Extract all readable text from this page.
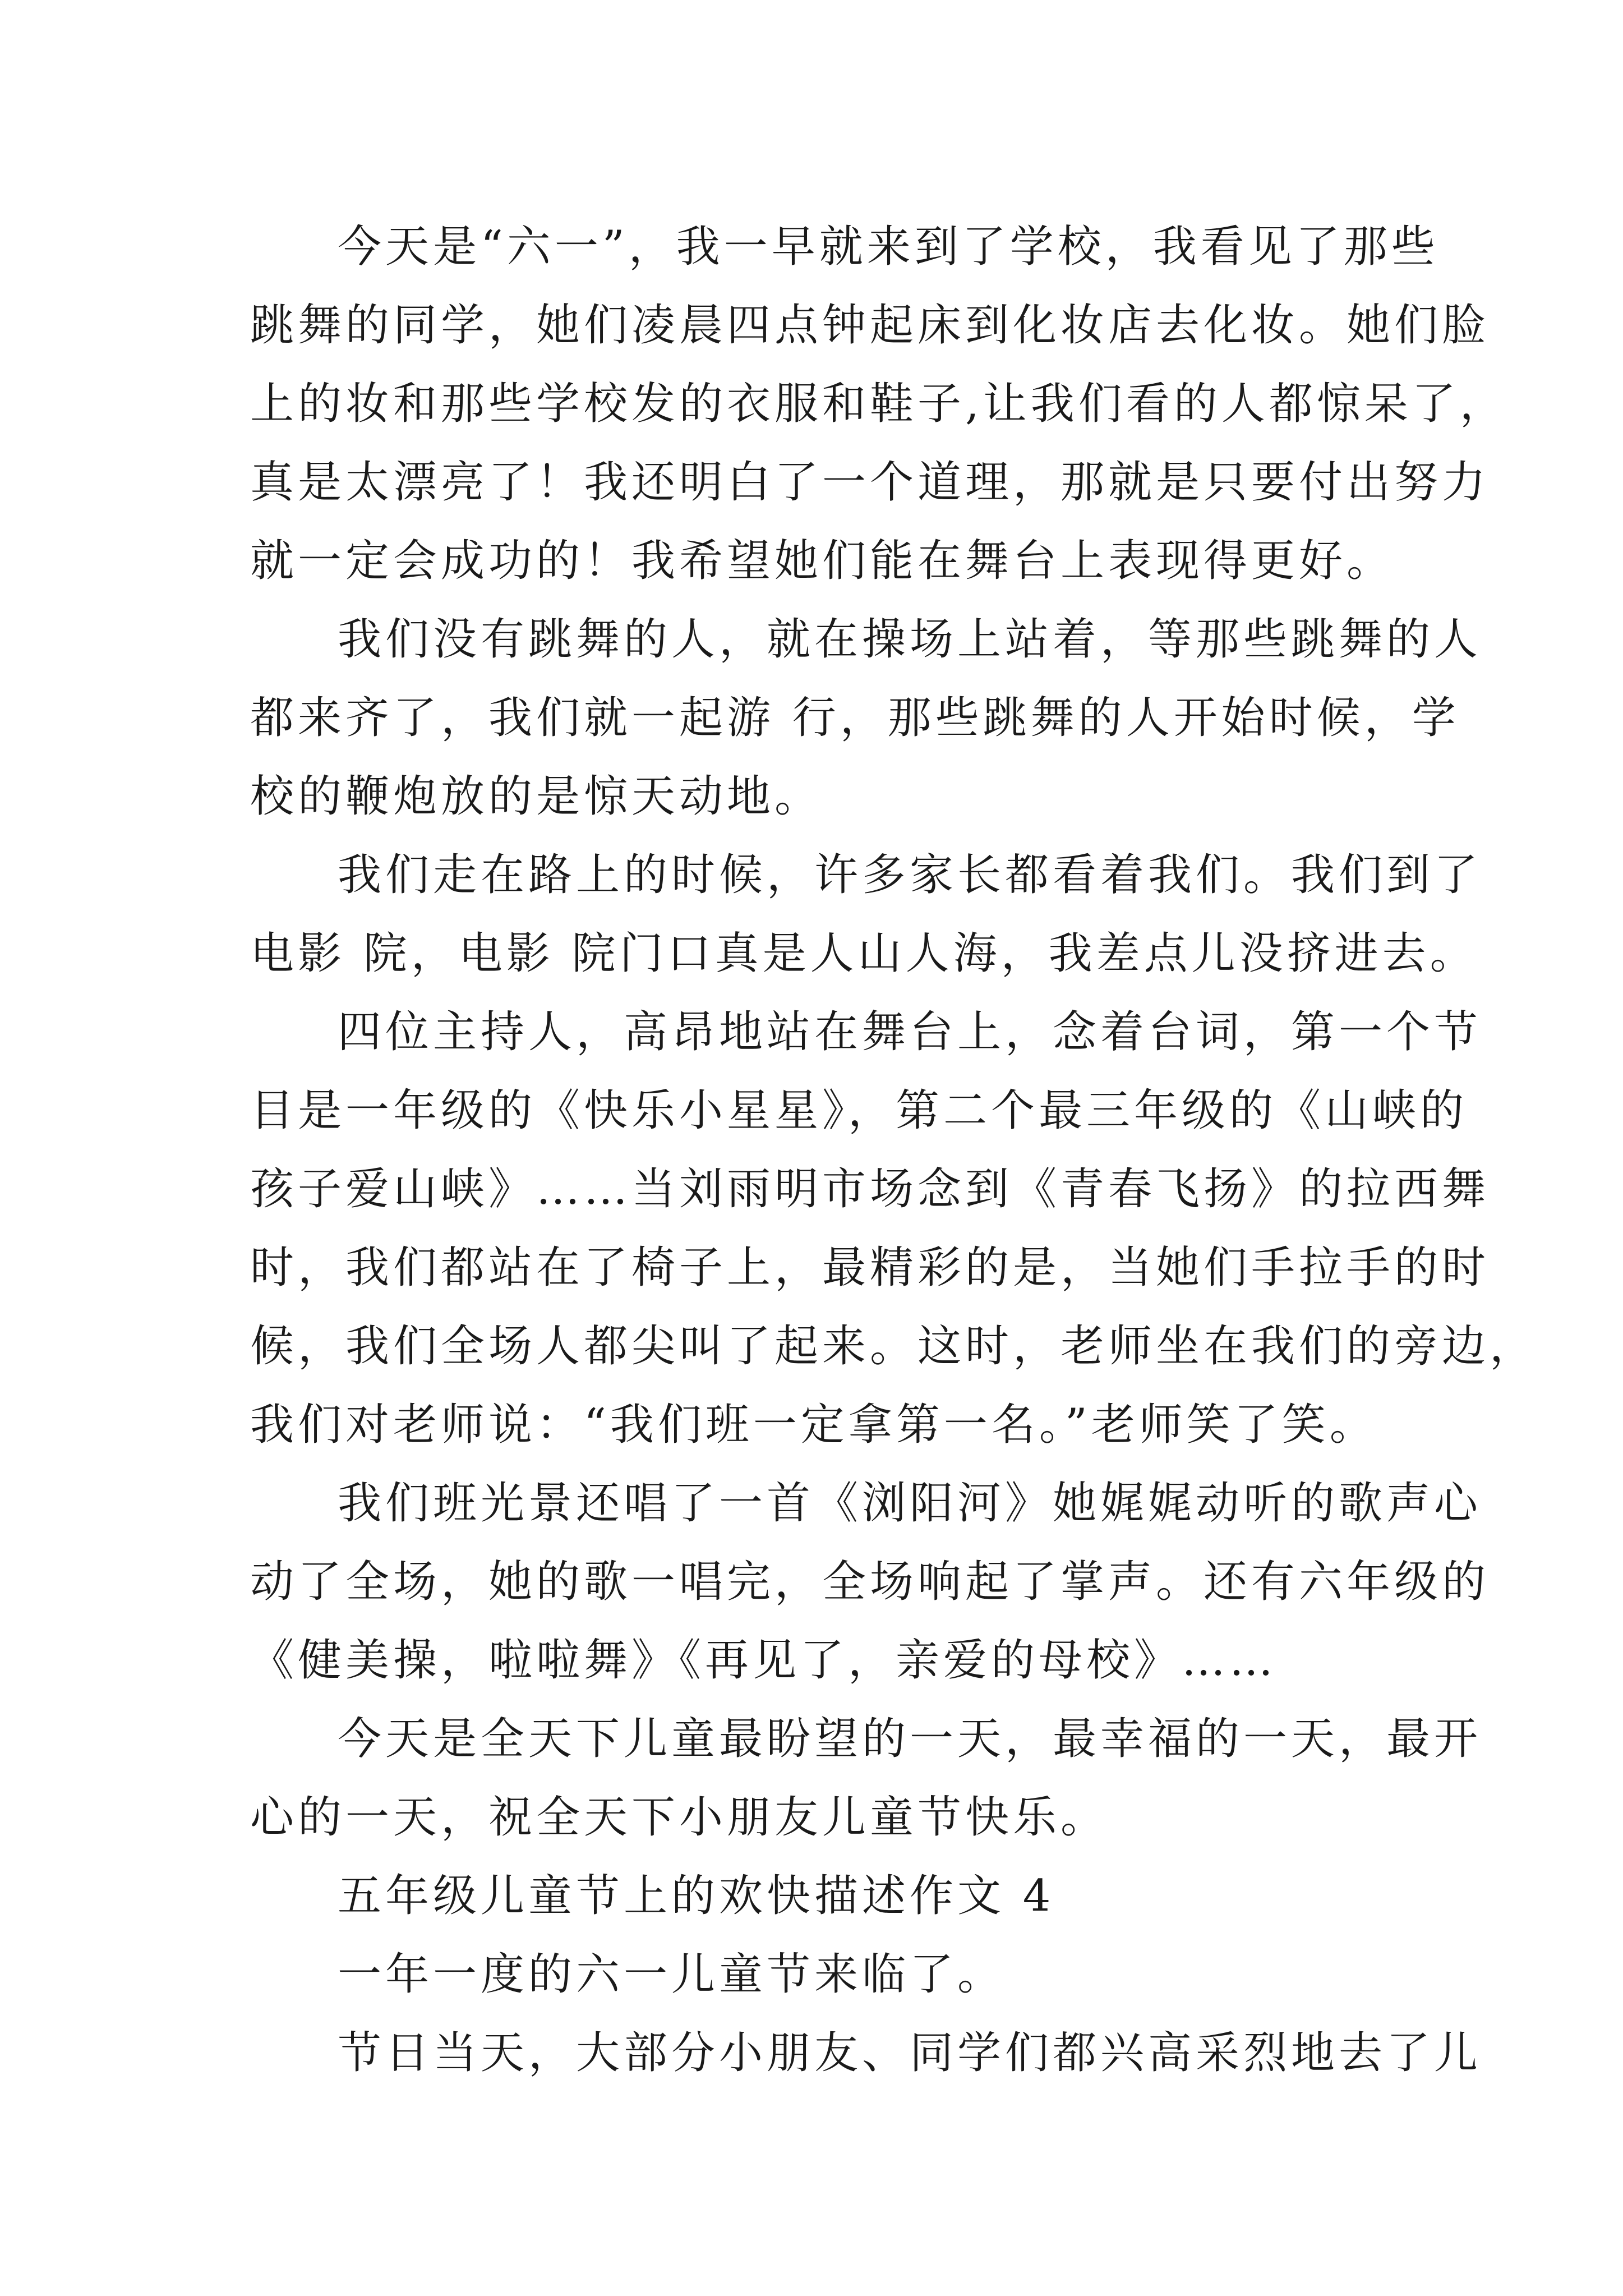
今天是“六一”，我一早就来到了学校，我看见了那些
跳舞的同学，她们凌晨四点钟起床到化妆店去化妆。她们脸
上的妆和那些学校发的衣服和鞋子,让我们看的人都惊呆了，
真是太漂亮了！我还明白了一个道理，那就是只要付出努力
就一定会成功的！我希望她们能在舞台上表现得更好。
我们没有跳舞的人，就在操场上站着，等那些跳舞的人
都来齐了，我们就一起游 行，那些跳舞的人开始时候，学
校的鞭炮放的是惊天动地。
我们走在路上的时候，许多家长都看着我们。我们到了
电影 院，电影 院门口真是人山人海，我差点儿没挤进去。
四位主持人，高昂地站在舞台上，念着台词，第一个节
目是一年级的《快乐小星星》，第二个最三年级的《山峡的
孩子爱山峡》……当刘雨明市场念到《青春飞扬》的拉西舞
时，我们都站在了椅子上，最精彩的是，当她们手拉手的时
候，我们全场人都尖叫了起来。这时，老师坐在我们的旁边，
我们对老师说：“我们班一定拿第一名。”老师笑了笑。
我们班光景还唱了一首《浏阳河》她娓娓动听的歌声心
动了全场，她的歌一唱完，全场响起了掌声。还有六年级的
《健美操，啦啦舞》《再见了，亲爱的母校》……
今天是全天下儿童最盼望的一天，最幸福的一天，最开
心的一天，祝全天下小朋友儿童节快乐。
五年级儿童节上的欢快描述作文 4
一年一度的六一儿童节来临了。
节日当天，大部分小朋友、同学们都兴高采烈地去了儿
